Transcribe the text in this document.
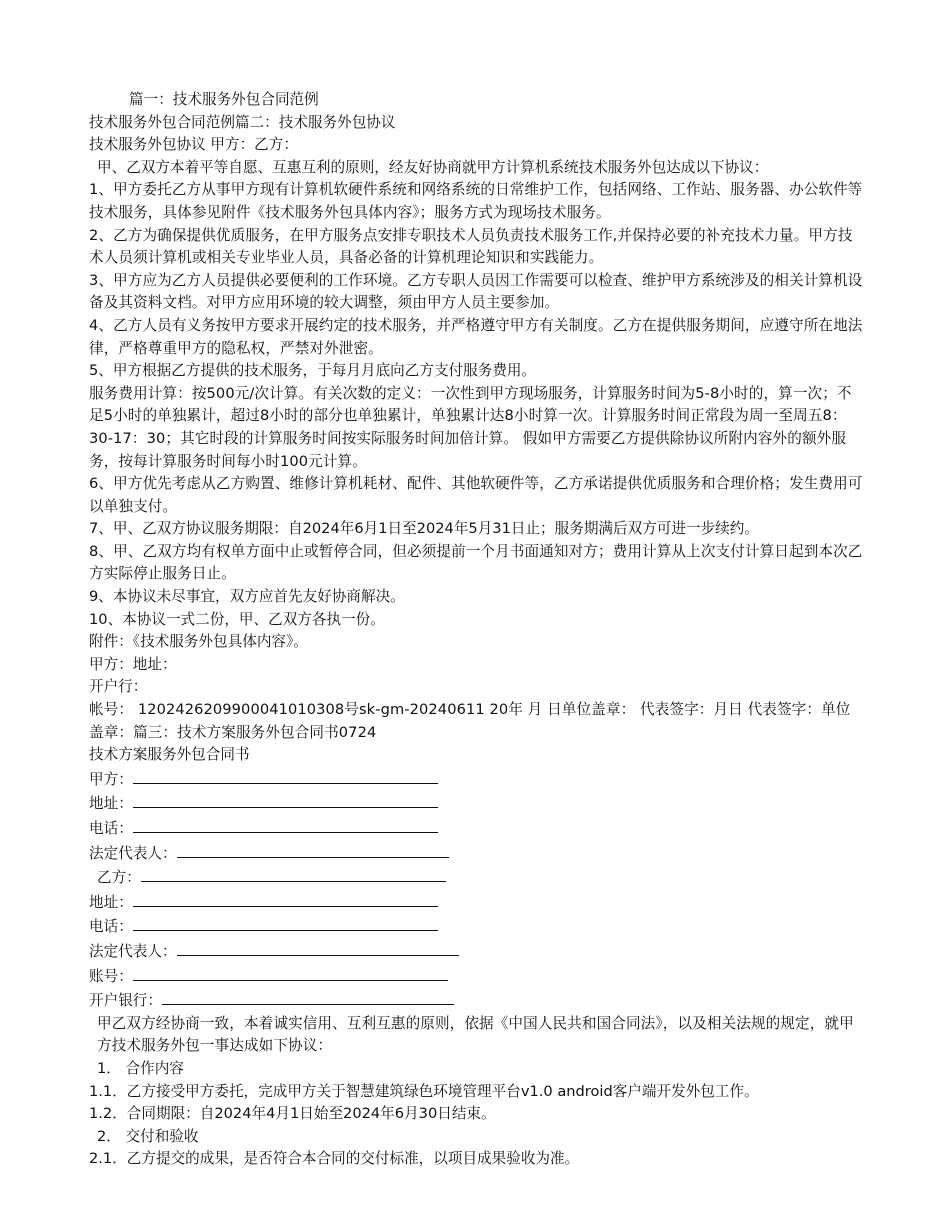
篇一：技术服务外包合同范例
技术服务外包合同范例篇二：技术服务外包协议
技术服务外包协议 甲方：乙方：
甲、乙双方本着平等自愿、互惠互利的原则，经友好协商就甲方计算机系统技术服务外包达成以下协议：
1、甲方委托乙方从事甲方现有计算机软硬件系统和网络系统的日常维护工作，包括网络、工作站、服务器、办公软件等技术服务，具体参见附件《技术服务外包具体内容》；服务方式为现场技术服务。
2、乙方为确保提供优质服务，在甲方服务点安排专职技术人员负责技术服务工作,并保持必要的补充技术力量。甲方技术人员须计算机或相关专业毕业人员，具备必备的计算机理论知识和实践能力。
3、甲方应为乙方人员提供必要便利的工作环境。乙方专职人员因工作需要可以检查、维护甲方系统涉及的相关计算机设备及其资料文档。对甲方应用环境的较大调整，须由甲方人员主要参加。
4、乙方人员有义务按甲方要求开展约定的技术服务，并严格遵守甲方有关制度。乙方在提供服务期间，应遵守所在地法律，严格尊重甲方的隐私权，严禁对外泄密。
5、甲方根据乙方提供的技术服务，于每月月底向乙方支付服务费用。
服务费用计算：按500元/次计算。有关次数的定义：一次性到甲方现场服务，计算服务时间为5-8小时的，算一次；不足5小时的单独累计，超过8小时的部分也单独累计，单独累计达8小时算一次。计算服务时间正常段为周一至周五8：30-17：30；其它时段的计算服务时间按实际服务时间加倍计算。 假如甲方需要乙方提供除协议所附内容外的额外服务，按每计算服务时间每小时100元计算。
6、甲方优先考虑从乙方购置、维修计算机耗材、配件、其他软硬件等，乙方承诺提供优质服务和合理价格；发生费用可以单独支付。
7、甲、乙双方协议服务期限：自2024年6月1日至2024年5月31日止；服务期满后双方可进一步续约。
8、甲、乙双方均有权单方面中止或暂停合同，但必须提前一个月书面通知对方；费用计算从上次支付计算日起到本次乙方实际停止服务日止。
9、本协议未尽事宜，双方应首先友好协商解决。
10、本协议一式二份，甲、乙双方各执一份。
附件：《技术服务外包具体内容》。
甲方：地址：
开户行：
帐号： 120242620990004101030​8号sk-gm-20240611 20年 月 日单位盖章： 代表签字：月日 代表签字：单位盖章：篇三：技术方案服务外包合同书0724
技术方案服务外包合同书
甲方：
地址：
电话：
法定代表人：
乙方：
地址：
电话：
法定代表人：
账号：
开户银行：
甲乙双方经协商一致，本着诚实信用、互利互惠的原则，依据《中国人民共和国合同法》，以及相关法规的规定，就甲方技术服务外包一事达成如下协议：
1． 合作内容
1.1．乙方接受甲方委托，完成甲方关于智慧建筑绿色环境管理平台v1.0 android客户端开发外包工作。
1.2．合同期限：自2024年4月1日始至2024年6月30日结束。
2． 交付和验收
2.1．乙方提交的成果，是否符合本合同的交付标准，以项目成果验收为准。
